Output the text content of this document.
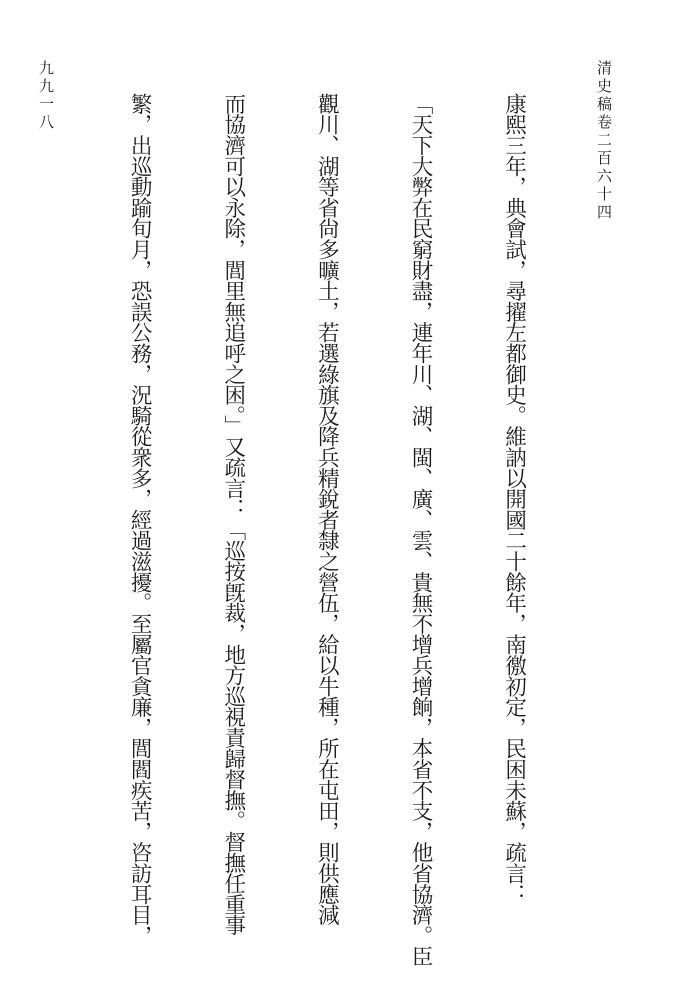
清史稿卷二百六十四
九九一八

	康熙三年，典會試，尋擢左都御史。維訥以開國二十餘年，南徼初定，民困未蘇，疏言：

「天下大弊在民窮財盡，連年川、湖、閩、廣、雲、貴無不增兵增餉，本省不支，他省協濟。臣

觀川、湖等省尙多曠土，若選綠旗及降兵精銳者隸之營伍，給以牛種，所在屯田，則供應減

而協濟可以永除，閭里無追呼之困。」又疏言：「巡按旣裁，地方巡視責歸督撫。督撫任重事

繁，出巡動踰旬月，恐誤公務，況騎從衆多，經過滋擾。至屬官貪廉，閭閻疾苦，咨訪耳目，
